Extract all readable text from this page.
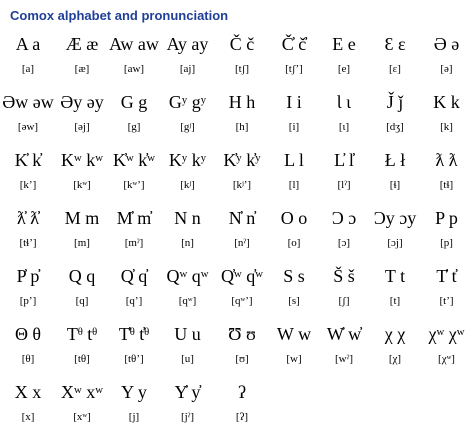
Comox alphabet and pronunciation
A a
[a]
Æ æ
[æ]
Aw aw
[aw]
Ay ay
[aj]
Č č
[tʃ]
Č̓ č̓
[tʃʼ]
E e
[e]
Ɛ ɛ
[ɛ]
Ə ə
[ə]
Əw əw
[əw]
Əy əy
[əj]
G g
[g]
Gʸ gʸ
[gʲ]
H h
[h]
I i
[i]
Ɩ ɩ
[ɩ]
J̌ ǰ
[dʒ]
K k
[k]
K̓ k̓
[kʼ]
Kʷ kʷ
[kʷ]
K̓ʷ k̓ʷ
[kʷʼ]
Kʸ kʸ
[kʲ]
K̓ʸ k̓ʸ
[kʲʼ]
L l
[l]
L̓ l̓
[lˀ]
Ł ł
[ɬ]
ƛ ƛ
[tɬ]
ƛ̓ ƛ̓
[tɬʼ]
M m
[m]
M̓ m̓
[mˀ]
N n
[n]
N̓ n̓
[nˀ]
O o
[o]
Ɔ ɔ
[ɔ]
Ɔy ɔy
[ɔj]
P p
[p]
P̓ p̓
[pʼ]
Q q
[q]
Q̓ q̓
[qʼ]
Qʷ qʷ
[qʷ]
Q̓ʷ q̓ʷ
[qʷʼ]
S s
[s]
Š š
[ʃ]
T t
[t]
T̓ t̓
[tʼ]
Θ θ
[θ]
Tᶿ tᶿ
[tθ]
T̓ᶿ t̓ᶿ
[tθʼ]
U u
[u]
Ʊ ʊ
[ʊ]
W w
[w]
W̓ w̓
[wˀ]
χ χ
[χ]
χʷ χʷ
[χʷ]
X x
[x]
Xʷ xʷ
[xʷ]
Y y
[j]
Y̓ y̓
[jˀ]
ʔ
[ʔ]
